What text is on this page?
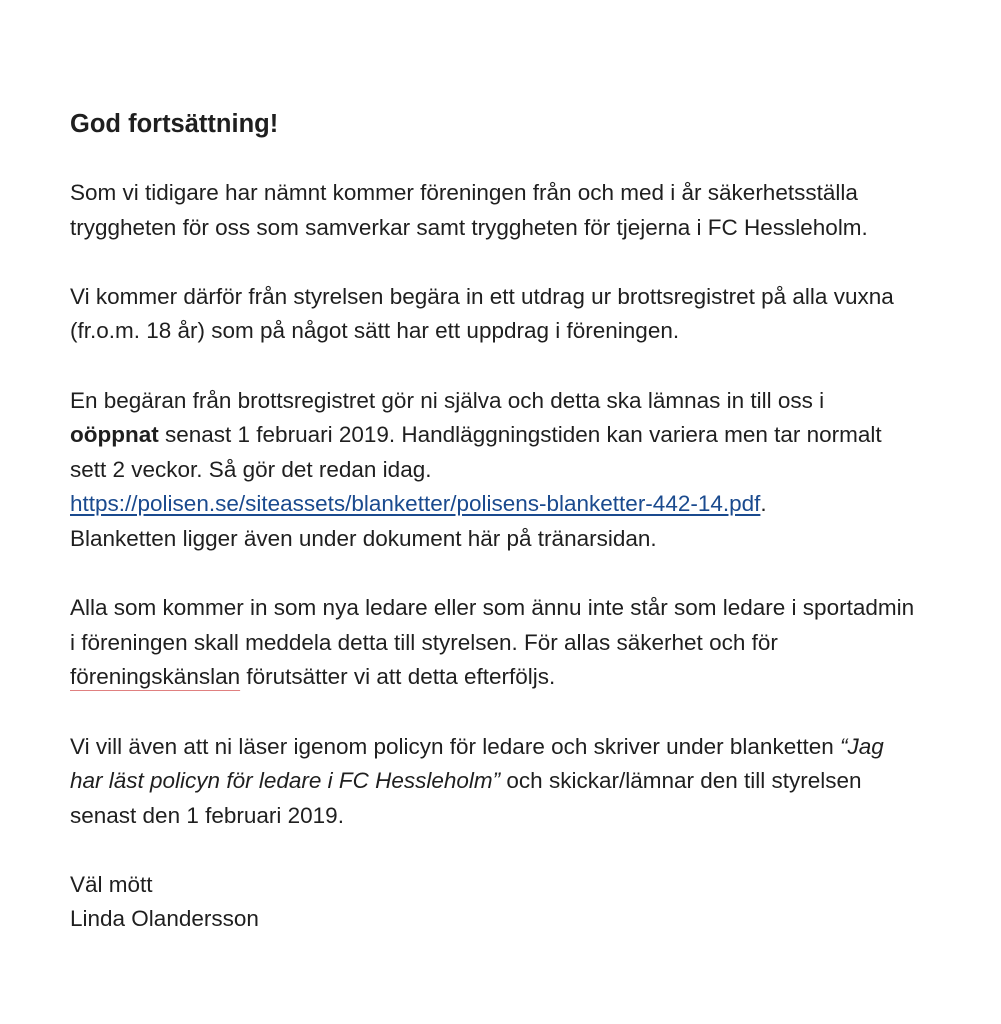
God fortsättning!
Som vi tidigare har nämnt kommer föreningen från och med i år säkerhetsställa
tryggheten för oss som samverkar samt tryggheten för tjejerna i FC Hessleholm.
Vi kommer därför från styrelsen begära in ett utdrag ur brottsregistret på alla vuxna
(fr.o.m. 18 år) som på något sätt har ett uppdrag i föreningen.
En begäran från brottsregistret gör ni själva och detta ska lämnas in till oss i
oöppnat senast 1 februari 2019. Handläggningstiden kan variera men tar normalt
sett 2 veckor. Så gör det redan idag.
https://polisen.se/siteassets/blanketter/polisens-blanketter-442-14.pdf.
Blanketten ligger även under dokument här på tränarsidan.
Alla som kommer in som nya ledare eller som ännu inte står som ledare i sportadmin
i föreningen skall meddela detta till styrelsen. För allas säkerhet och för
föreningskänslan förutsätter vi att detta efterföljs.
Vi vill även att ni läser igenom policyn för ledare och skriver under blanketten “Jag
har läst policyn för ledare i FC Hessleholm” och skickar/lämnar den till styrelsen
senast den 1 februari 2019.
Väl mött
Linda Olandersson
